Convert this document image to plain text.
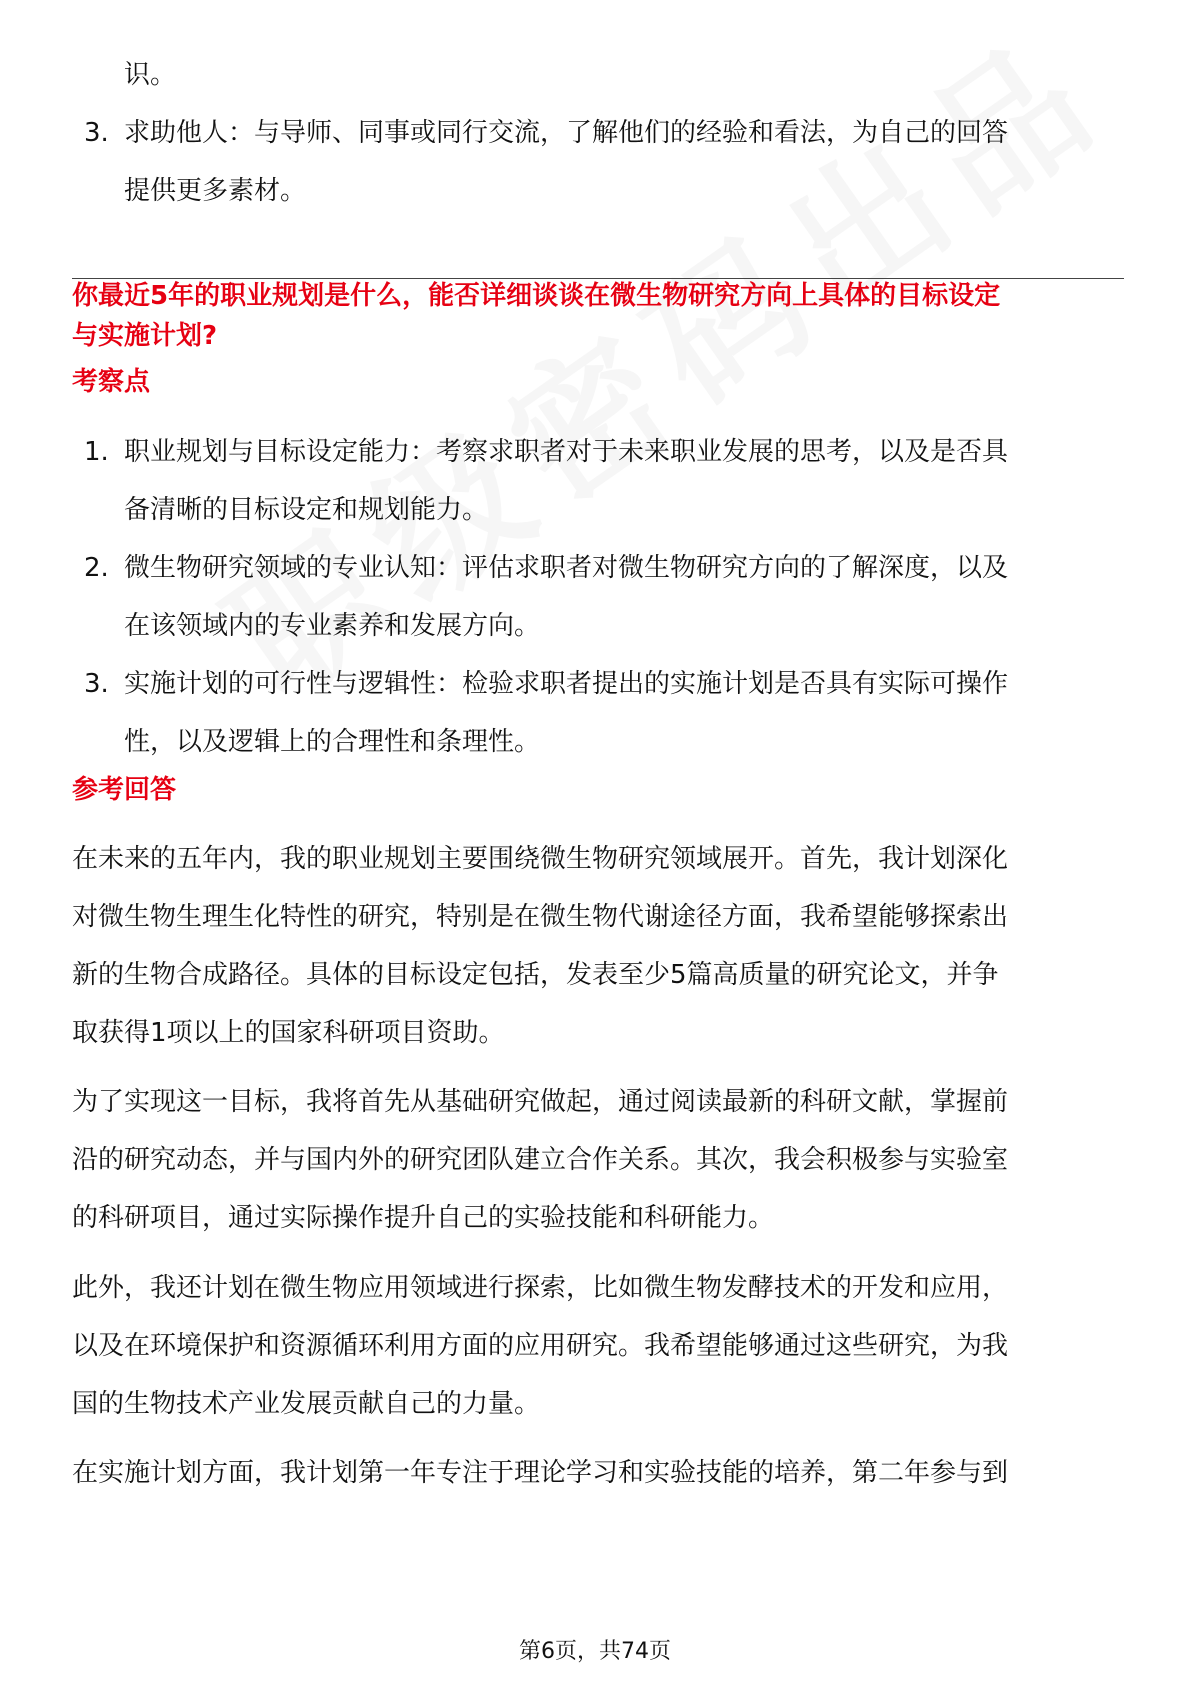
识。

3. 求助他人：与导师、同事或同行交流，了解他们的经验和看法，为自己的回答
提供更多素材。

你最近5年的职业规划是什么，能否详细谈谈在微生物研究方向上具体的目标设定
与实施计划?

考察点

1. 职业规划与目标设定能力：考察求职者对于未来职业发展的思考，以及是否具
备清晰的目标设定和规划能力。
2. 微生物研究领域的专业认知：评估求职者对微生物研究方向的了解深度，以及
在该领域内的专业素养和发展方向。
3. 实施计划的可行性与逻辑性：检验求职者提出的实施计划是否具有实际可操作
性，以及逻辑上的合理性和条理性。

参考回答

在未来的五年内，我的职业规划主要围绕微生物研究领域展开。首先，我计划深化
对微生物生理生化特性的研究，特别是在微生物代谢途径方面，我希望能够探索出
新的生物合成路径。具体的目标设定包括，发表至少5篇高质量的研究论文，并争
取获得1项以上的国家科研项目资助。

为了实现这一目标，我将首先从基础研究做起，通过阅读最新的科研文献，掌握前
沿的研究动态，并与国内外的研究团队建立合作关系。其次，我会积极参与实验室
的科研项目，通过实际操作提升自己的实验技能和科研能力。

此外，我还计划在微生物应用领域进行探索，比如微生物发酵技术的开发和应用，
以及在环境保护和资源循环利用方面的应用研究。我希望能够通过这些研究，为我
国的生物技术产业发展贡献自己的力量。

在实施计划方面，我计划第一年专注于理论学习和实验技能的培养，第二年参与到

第6页，共74页
